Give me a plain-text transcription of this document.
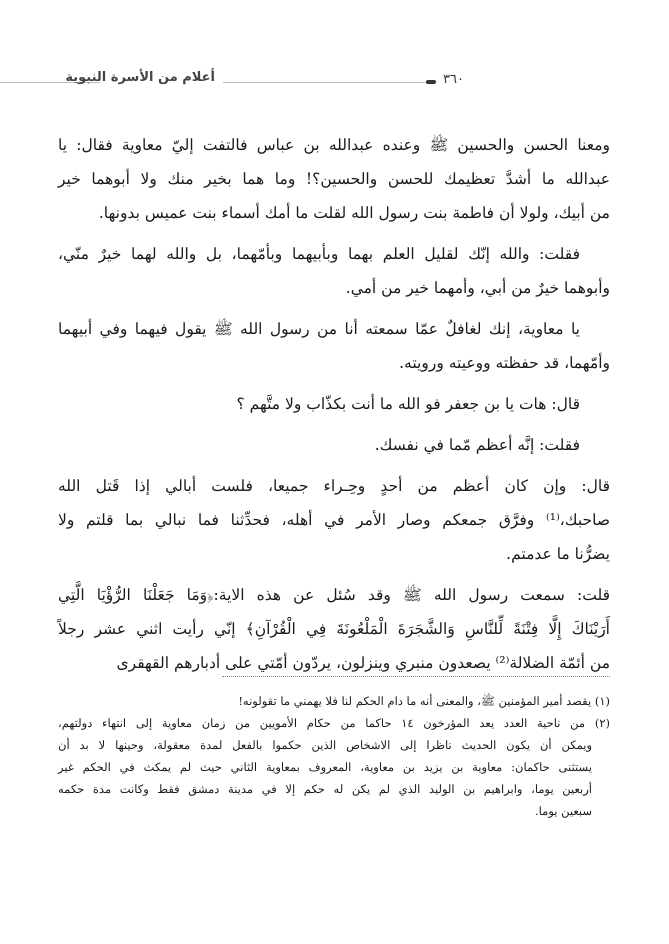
أعلام من الأسرة النبوية	٣٦٠
ومعنا الحسن والحسين ﷺ وعنده عبدالله بن عباس فالتفت إليّ معاوية فقال: يا
عبدالله ما أشدَّ تعظيمك للحسن والحسين؟! وما هما بخير منك ولا أبوهما خير
من أبيك، ولولا أن فاطمة بنت رسول الله لقلت ما أمك أسماء بنت عميس بدونها.
فقلت: والله إنّك لقليل العلم بهما وبأبيهما وبأمّهما، بل والله لهما خيرٌ منّي،
وأبوهما خيرٌ من أبي، وأمهما خير من أمي.
يا معاوية، إنك لغافلٌ عمّا سمعته أنا من رسول الله ﷺ يقول فيهما وفي أبيهما
وأمّهما، قد حفظته ووعيته ورويته.
قال: هات يا بن جعفر فو الله ما أنت بكذّاب ولا متَّهم ؟
فقلت: إنَّه أعظم مّما في نفسك.
قال: وإن كان أعظم من أحدٍ وحِـراء جميعا، فلست أبالي إذا قَتل الله
صاحبك،⁽¹⁾ وفرَّق جمعكم وصار الأمر في أهله، فحدِّثنا فما نبالي بما قلتم ولا
يضرُّنا ما عدمتم.
قلت: سمعت رسول الله ﷺ وقد سُئل عن هذه الاية:﴿وَمَا جَعَلْنَا الرُّؤْيَا الَّتِي
أَرَيْنَاكَ إِلَّا فِتْنَةً لِّلنَّاسِ وَالشَّجَرَةَ الْمَلْعُونَةَ فِي الْقُرْآنِ﴾ إنّي رأيت اثني عشر رجلاً
من أئمّة الضلالة⁽²⁾ يصعدون منبري وينزلون، يردّون أمّتي على أدبارهم القهقرى
(١) يقصد أمير المؤمنين ﷺ، والمعنى أنه ما دام الحكم لنا فلا يهمني ما تقولونه!
(٢) من ناحية العدد يعد المؤرخون ١٤ حاكما من حكام الأمويين من زمان معاوية إلى انتهاء دولتهم،
ويمكن أن يكون الحديث ناظرا إلى الاشخاص الذين حكموا بالفعل لمدة معقولة، وحينها لا بد أن
يستثنى حاكمان: معاوية بن يزيد بن معاوية، المعروف بمعاوية الثاني حيث لم يمكث في الحكم غير
أربعين يوما، وابراهيم بن الوليد الذي لم يكن له حكم إلا في مدينة دمشق فقط وكانت مدة حكمه
سبعين يوما.
